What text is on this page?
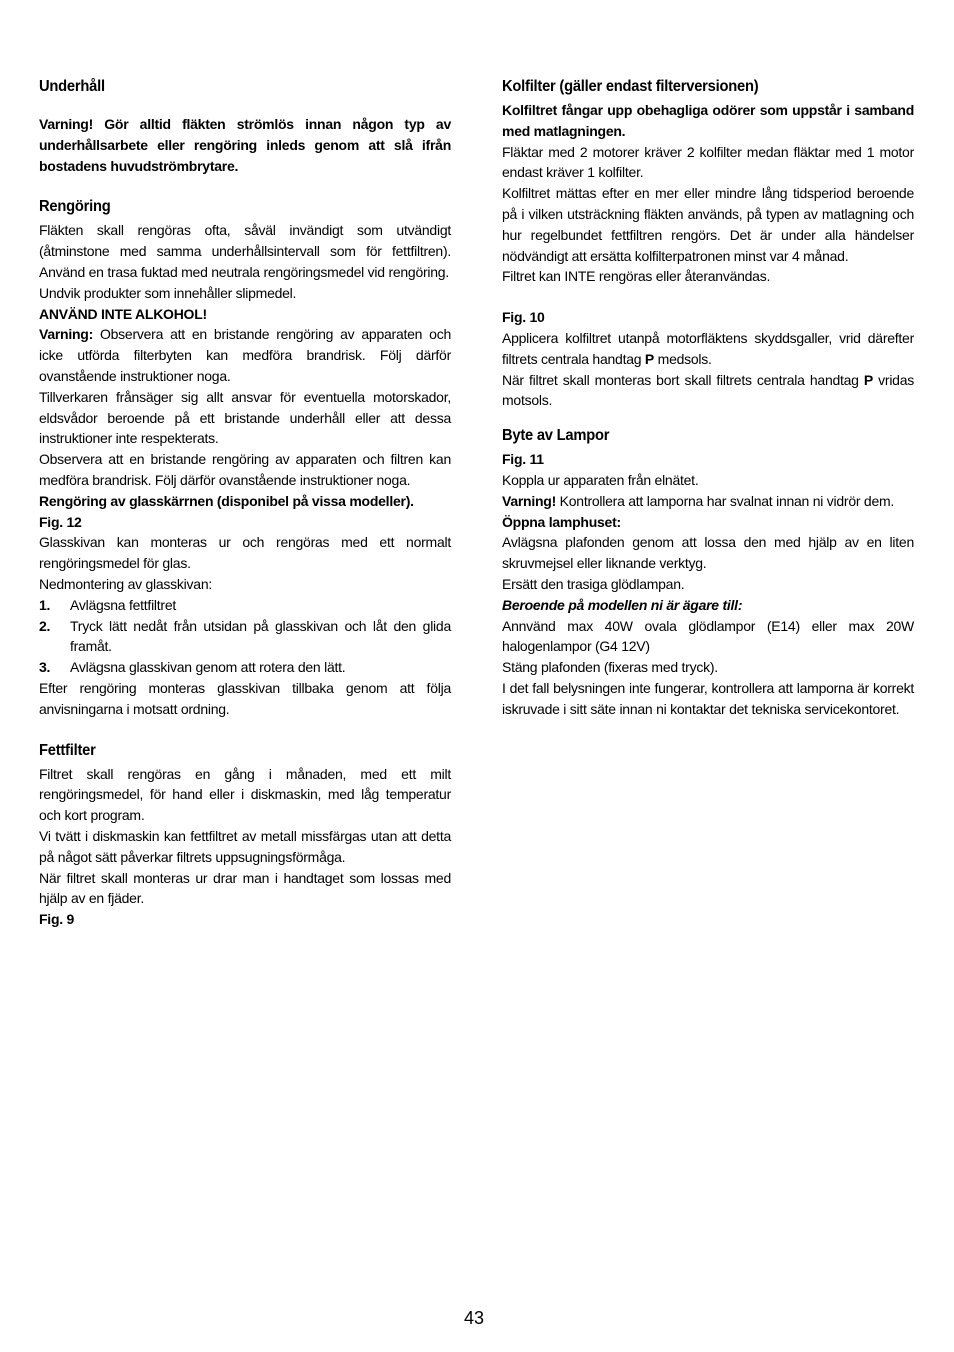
Underhåll

Varning! Gör alltid fläkten strömlös innan någon typ av underhållsarbete eller rengöring inleds genom att slå ifrån bostadens huvudströmbrytare.

Rengöring

Fläkten skall rengöras ofta, såväl invändigt som utvändigt (åtminstone med samma underhållsintervall som för fettfiltren). Använd en trasa fuktad med neutrala rengöringsmedel vid rengöring.

Undvik produkter som innehåller slipmedel.

ANVÄND INTE ALKOHOL!

Varning: Observera att en bristande rengöring av apparaten och icke utförda filterbyten kan medföra brandrisk. Följ därför ovanstående instruktioner noga.

Tillverkaren frånsäger sig allt ansvar för eventuella motorskador, eldsvådor beroende på ett bristande underhåll eller att dessa instruktioner inte respekterats.

Observera att en bristande rengöring av apparaten och filtren kan medföra brandrisk. Följ därför ovanstående instruktioner noga.

Rengöring av glasskärrnen (disponibel på vissa modeller).

Fig. 12

Glasskivan kan monteras ur och rengöras med ett normalt rengöringsmedel för glas.

Nedmontering av glasskivan:

1. Avlägsna fettfiltret
2. Tryck lätt nedåt från utsidan på glasskivan och låt den glida framåt.
3. Avlägsna glasskivan genom att rotera den lätt.

Efter rengöring monteras glasskivan tillbaka genom att följa anvisningarna i motsatt ordning.

Fettfilter

Filtret skall rengöras en gång i månaden, med ett milt rengöringsmedel, för hand eller i diskmaskin, med låg temperatur och kort program.

Vi tvätt i diskmaskin kan fettfiltret av metall missfärgas utan att detta på något sätt påverkar filtrets uppsugningsförmåga.

När filtret skall monteras ur drar man i handtaget som lossas med hjälp av en fjäder.

Fig. 9

Kolfilter (gäller endast filterversionen)

Kolfiltret fångar upp obehagliga odörer som uppstår i samband med matlagningen.

Fläktar med 2 motorer kräver 2 kolfilter medan fläktar med 1 motor endast kräver 1 kolfilter.

Kolfiltret mättas efter en mer eller mindre lång tidsperiod beroende på i vilken utsträckning fläkten används, på typen av matlagning och hur regelbundet fettfiltren rengörs. Det är under alla händelser nödvändigt att ersätta kolfilterpatronen minst var 4 månad.

Filtret kan INTE rengöras eller återanvändas.

Fig. 10

Applicera kolfiltret utanpå motorfläktens skyddsgaller, vrid därefter filtrets centrala handtag P medsols.

När filtret skall monteras bort skall filtrets centrala handtag P vridas motsols.

Byte av Lampor

Fig. 11

Koppla ur apparaten från elnätet.

Varning! Kontrollera att lamporna har svalnat innan ni vidrör dem.

Öppna lamphuset:

Avlägsna plafonden genom att lossa den med hjälp av en liten skruvmejsel eller liknande verktyg.

Ersätt den trasiga glödlampan.

Beroende på modellen ni är ägare till:

Annvänd max 40W ovala glödlampor (E14) eller max 20W halogenlampor (G4 12V)

Stäng plafonden (fixeras med tryck).

I det fall belysningen inte fungerar, kontrollera att lamporna är korrekt iskruvade i sitt säte innan ni kontaktar det tekniska servicekontoret.

43
